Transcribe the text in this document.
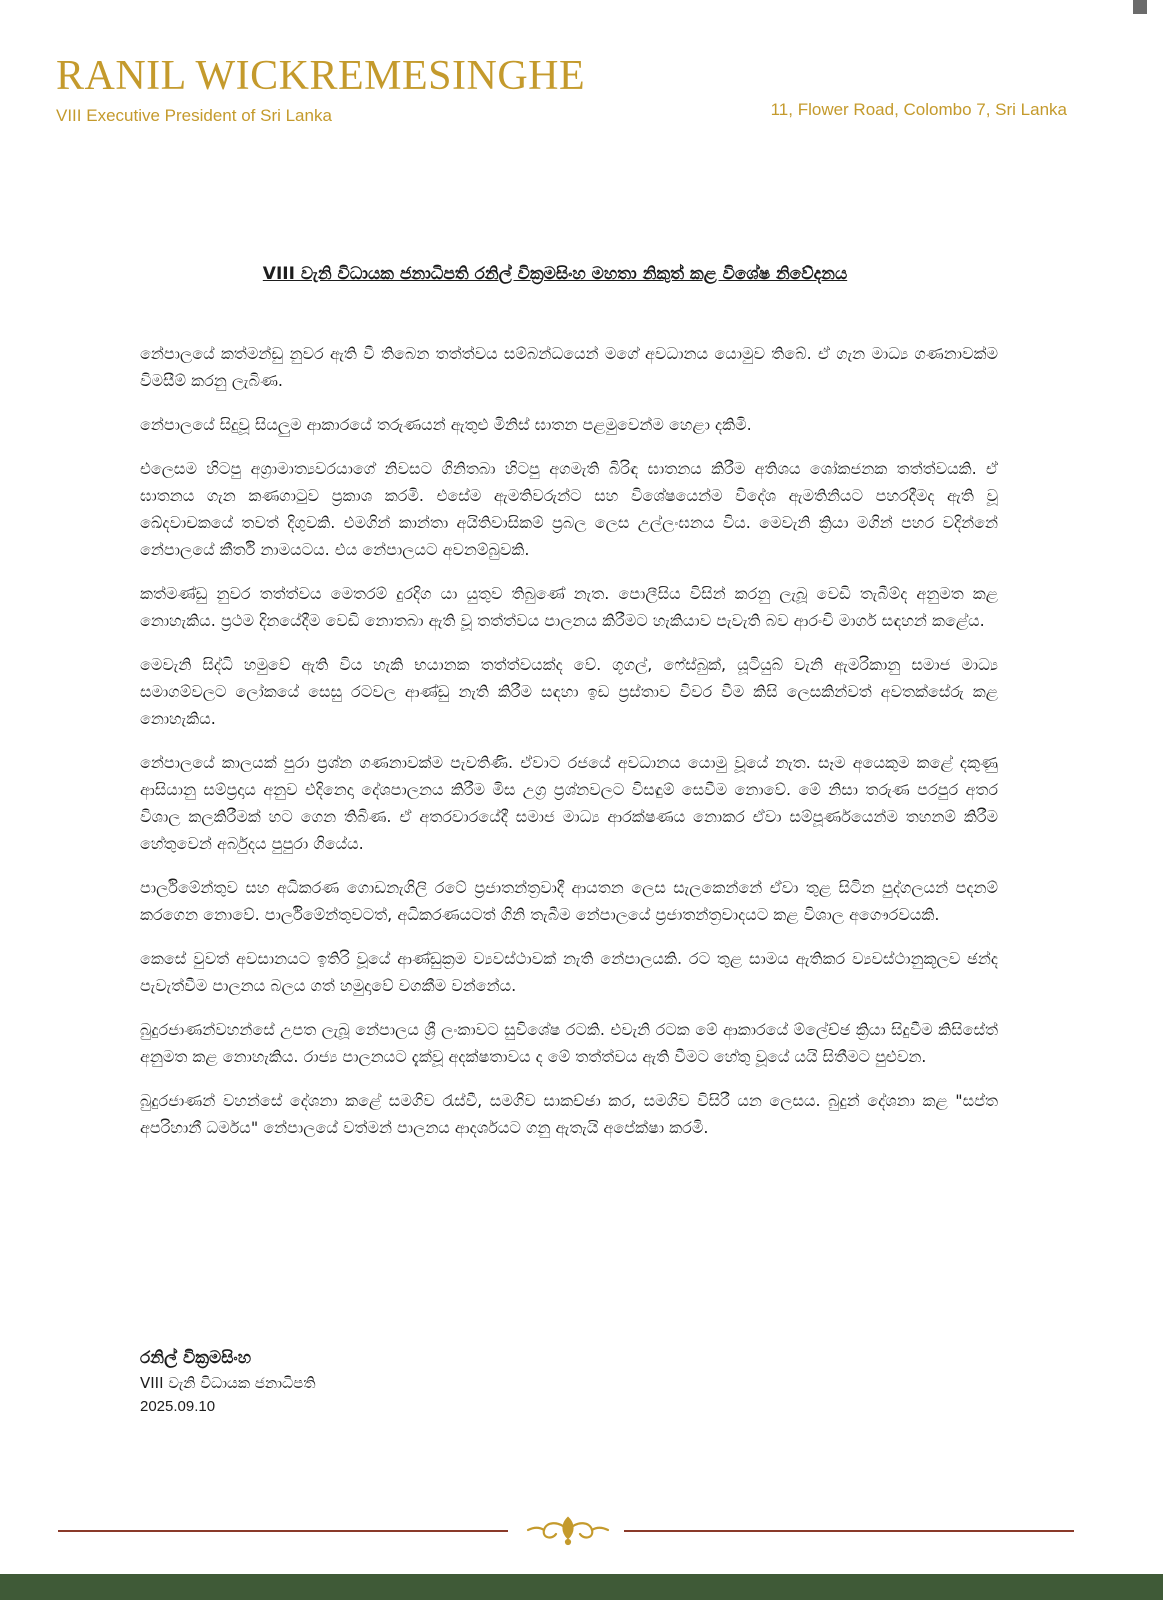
RANIL WICKREMESINGHE
VIII Executive President of Sri Lanka	11, Flower Road, Colombo 7, Sri Lanka
VIII වැනි විධායක ජනාධිපති රනිල් වික්‍රමසිංහ මහතා නිකුත් කළ විශේෂ නිවේදනය

නේපාලයේ කත්මන්ඩු නුවර ඇති වී තිබෙන තත්ත්වය සම්බන්ධයෙන් මගේ අවධානය යොමුව තිබේ. ඒ ගැන මාධ්‍ය ගණනාවක්ම විමසීම් කරනු ලැබිණ.

නේපාලයේ සිදුවූ සියලුම ආකාරයේ තරුණයන් ඇතුළු මිනිස් ඝාතන පළමුවෙන්ම හෙළා දකිමි.

එලෙසම හිටපු අග්‍රාමාත්‍යවරයාගේ නිවසට ගිනිතබා හිටපු අගමැති බිරිඳ ඝාතනය කිරීම අතිශය ශෝකජනක තත්ත්වයකි. ඒ ඝාතනය ගැන කණගාටුව ප්‍රකාශ කරමි. එසේම ඇමතිවරුන්ට සහ විශේෂයෙන්ම විදේශ ඇමතිනියට පහරදීමද ඇති වූ ඛේදවාචකයේ තවත් දිගුවකි. එමගින් කාන්තා අයිතිවාසිකම් ප්‍රබල ලෙස උල්ලංඝනය විය. මෙවැනි ක්‍රියා මගින් පහර වදින්නේ නේපාලයේ කීර්ති නාමයටය. එය නේපාලයට අවනම්බුවකි.

කත්මණ්ඩු නුවර තත්ත්වය මෙතරම් දුරදිග යා යුතුව තිබුණේ නැත. පොලීසිය විසින් කරනු ලැබූ වෙඩි තැබීම්ද අනුමත කළ නොහැකිය. ප්‍රථම දිනයේදීම වෙඩි නොතබා ඇති වූ තත්ත්වය පාලනය කිරීමට හැකියාව පැවැති බව ආරංචි මාර්ග සඳහන් කළේය.

මෙවැනි සිද්ධි හමුවේ ඇති විය හැකි භයානක තත්ත්වයක්ද වේ. ගූගල්, ෆේස්බුක්, යූටියුබ් වැනි ඇමරිකානු සමාජ මාධ්‍ය සමාගම්වලට ලෝකයේ සෙසු රටවල ආණ්ඩු නැති කිරීම සඳහා ඉඩ ප්‍රස්තාව විවර වීම කිසි ලෙසකින්වත් අවතක්සේරු කළ නොහැකිය.

නේපාලයේ කාලයක් පුරා ප්‍රශ්න ගණනාවක්ම පැවතිණි. ඒවාට රජයේ අවධානය යොමු වූයේ නැත. සෑම අයෙකුම කළේ දකුණු ආසියානු සම්ප්‍රදාය අනුව එදිනෙදා දේශපාලනය කිරීම මිස උග්‍ර ප්‍රශ්නවලට විසඳුම් සෙවීම නොවේ. මේ නිසා තරුණ පරපුර අතර විශාල කලකිරීමක් හට ගෙන තිබිණ. ඒ අතරවාරයේදී සමාජ මාධ්‍ය ආරක්ෂණය නොකර ඒවා සම්පූර්ණයෙන්ම තහනම් කිරීම හේතුවෙන් අර්බුදය පුපුරා ගියේය.

පාර්ලිමේන්තුව සහ අධිකරණ ගොඩනැගිලි රටේ ප්‍රජාතන්ත්‍රවාදී ආයතන ලෙස සැලකෙන්නේ ඒවා තුළ සිටින පුද්ගලයන් පදනම් කරගෙන නොවේ. පාර්ලිමේන්තුවටත්, අධිකරණයටත් ගිනි තැබීම නේපාලයේ ප්‍රජාතන්ත්‍රවාදයට කළ විශාල අගෞරවයකි.

කෙසේ වුවත් අවසානයට ඉතිරි වූයේ ආණ්ඩුක්‍රම ව්‍යවස්ථාවක් නැති නේපාලයකි. රට තුළ සාමය ඇතිකර ව්‍යවස්ථානුකූලව ඡන්ද පැවැත්වීම පාලනය බලය ගත් හමුදාවේ වගකීම වන්නේය.

බුදුරජාණන්වහන්සේ උපත ලැබූ නේපාලය ශ්‍රී ලංකාවට සුවිශේෂ රටකි. එවැනි රටක මේ ආකාරයේ ම්ලේච්ඡ ක්‍රියා සිදුවීම කිසිසේත් අනුමත කළ නොහැකිය. රාජ්‍ය පාලනයට දැක්වූ අදක්ෂතාවය ද මේ තත්ත්වය ඇති වීමට හේතු වූයේ යයි සිතීමට පුළුවන.

බුදුරජාණන් වහන්සේ දේශනා කළේ සමගිව රැස්වී, සමගිව සාකච්ඡා කර, සමගිව විසිරී යන ලෙසය. බුදුන් දේශනා කළ "සප්ත අපරිහානී ධර්මය" නේපාලයේ වත්මන් පාලනය ආදර්ශයට ගනු ඇතැයි අපේක්ෂා කරමි.

රනිල් වික්‍රමසිංහ
VIII වැනි විධායක ජනාධිපති
2025.09.10
